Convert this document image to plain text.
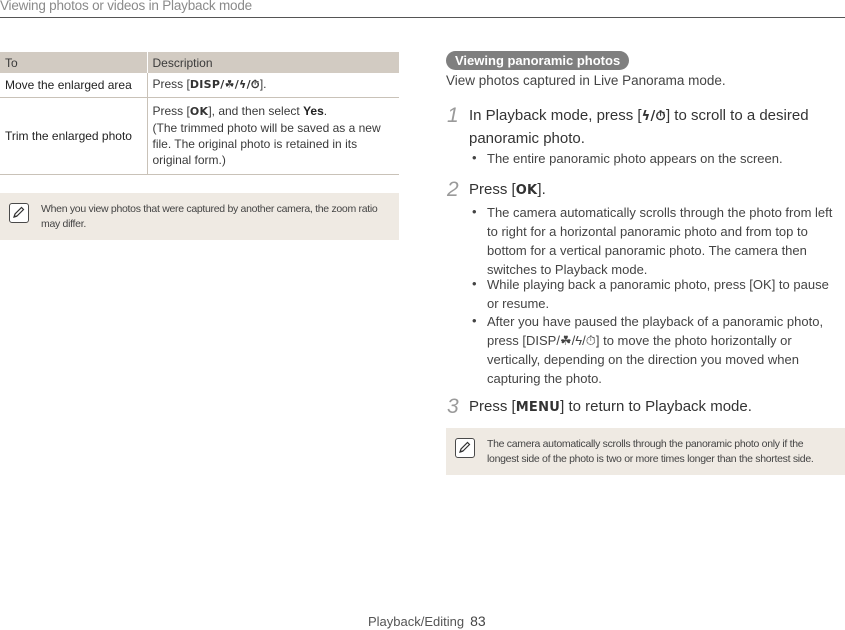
Viewing photos or videos in Playback mode
To	Description
Move the enlarged area	Press [DISP/☘/ϟ/⏱].
Trim the enlarged photo	Press [OK], and then select Yes.
(The trimmed photo will be saved as a new file. The original photo is retained in its original form.)
When you view photos that were captured by another camera, the zoom ratio may differ.
Viewing panoramic photos
View photos captured in Live Panorama mode.
1 In Playback mode, press [ϟ/⏱] to scroll to a desired panoramic photo.
• The entire panoramic photo appears on the screen.
2 Press [OK].
• The camera automatically scrolls through the photo from left to right for a horizontal panoramic photo and from top to bottom for a vertical panoramic photo. The camera then switches to Playback mode.
• While playing back a panoramic photo, press [OK] to pause or resume.
• After you have paused the playback of a panoramic photo, press [DISP/☘/ϟ/⏱] to move the photo horizontally or vertically, depending on the direction you moved when capturing the photo.
3 Press [MENU] to return to Playback mode.
The camera automatically scrolls through the panoramic photo only if the longest side of the photo is two or more times longer than the shortest side.
Playback/Editing 83
